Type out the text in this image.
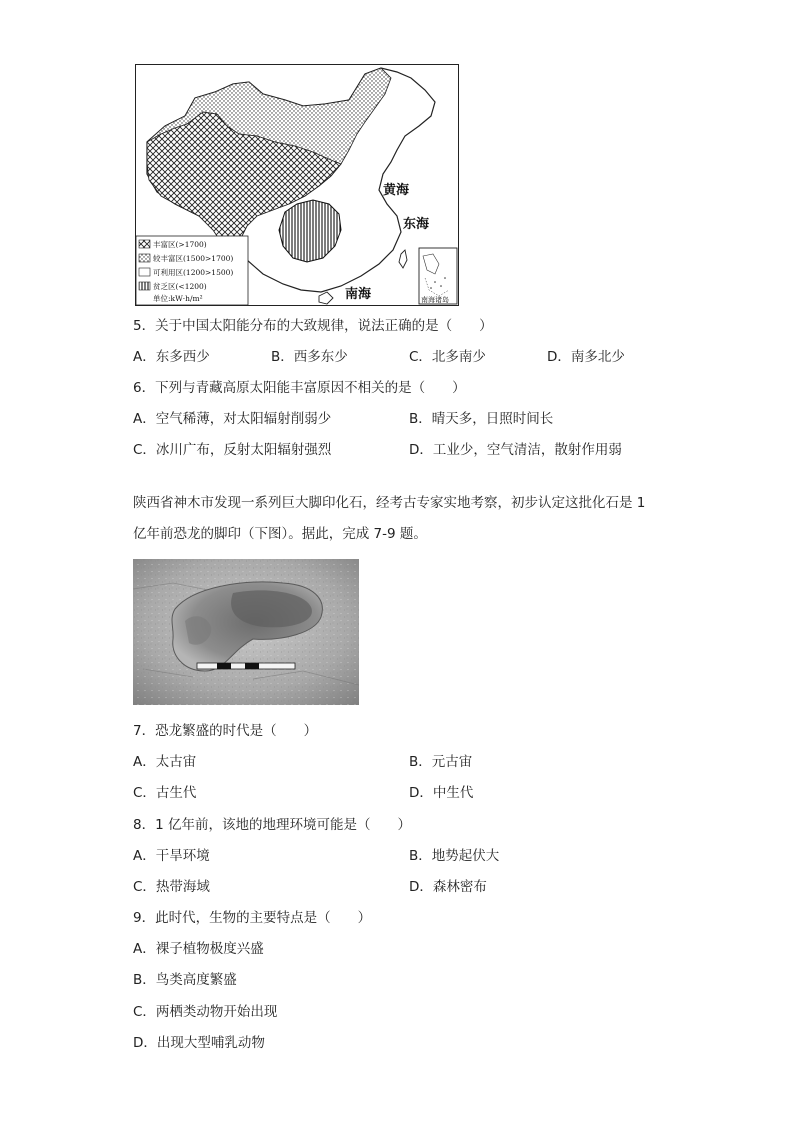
黄海
东海
南海	南海诸岛
丰富区(>1700)
较丰富区(1500>1700)
可利用区(1200>1500)
贫乏区(<1200)
单位:kW·h/m²
5．关于中国太阳能分布的大致规律，说法正确的是（　　）
A．东多西少	B．西多东少	C．北多南少	D．南多北少
6．下列与青藏高原太阳能丰富原因不相关的是（　　）
A．空气稀薄，对太阳辐射削弱少	B．晴天多，日照时间长
C．冰川广布，反射太阳辐射强烈	D．工业少，空气清洁，散射作用弱
陕西省神木市发现一系列巨大脚印化石，经考古专家实地考察，初步认定这批化石是 1
亿年前恐龙的脚印（下图）。据此，完成 7-9 题。
7．恐龙繁盛的时代是（　　）
A．太古宙	B．元古宙
C．古生代	D．中生代
8．1 亿年前，该地的地理环境可能是（　　）
A．干旱环境	B．地势起伏大
C．热带海域	D．森林密布
9．此时代，生物的主要特点是（　　）
A．裸子植物极度兴盛
B．鸟类高度繁盛
C．两栖类动物开始出现
D．出现大型哺乳动物
